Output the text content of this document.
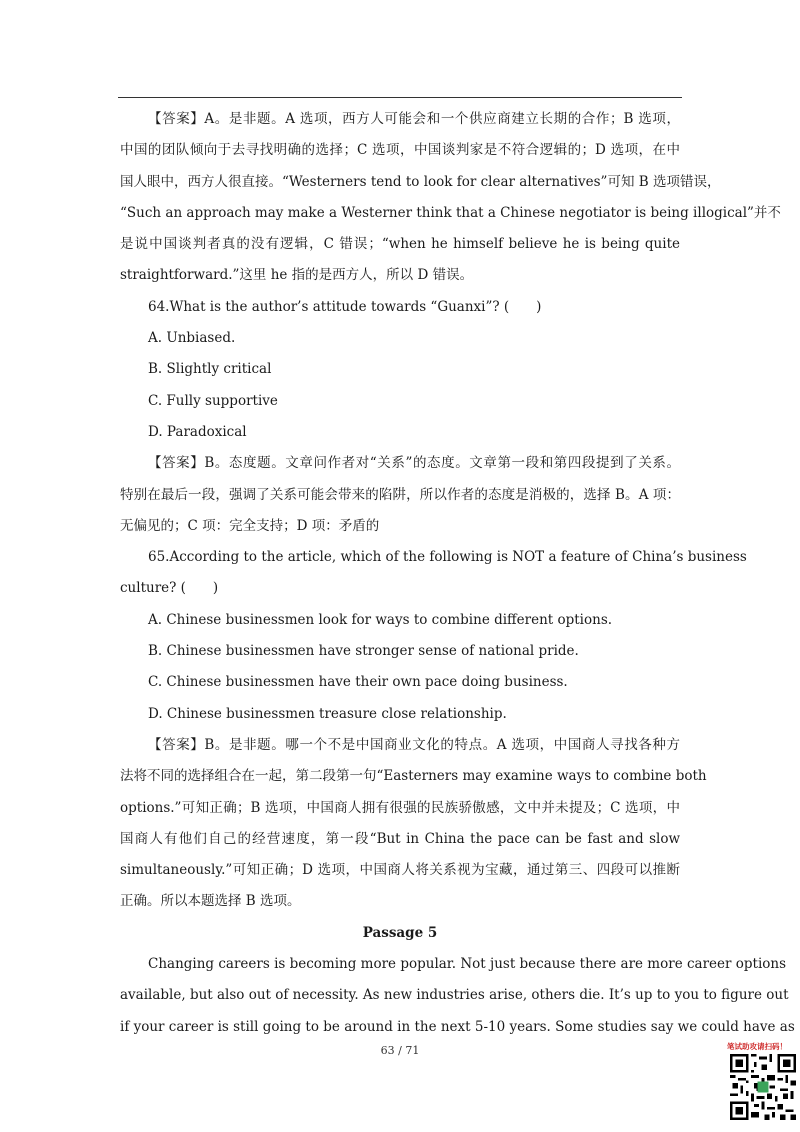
【答案】A。是非题。A 选项，西方人可能会和一个供应商建立长期的合作；B 选项，
中国的团队倾向于去寻找明确的选择；C 选项，中国谈判家是不符合逻辑的；D 选项，在中
国人眼中，西方人很直接。“Westerners tend to look for clear alternatives”可知 B 选项错误，
“Such an approach may make a Westerner think that a Chinese negotiator is being illogical”并不
是说中国谈判者真的没有逻辑，C 错误；“when he himself believe he is being quite
straightforward.”这里 he 指的是西方人，所以 D 错误。
64.What is the author’s attitude towards “Guanxi”? (　　)
A. Unbiased.
B. Slightly critical
C. Fully supportive
D. Paradoxical
【答案】B。态度题。文章问作者对“关系”的态度。文章第一段和第四段提到了关系。
特别在最后一段，强调了关系可能会带来的陷阱，所以作者的态度是消极的，选择 B。A 项：
无偏见的；C 项：完全支持；D 项：矛盾的
65.According to the article, which of the following is NOT a feature of China’s business
culture? (　　)
A. Chinese businessmen look for ways to combine different options.
B. Chinese businessmen have stronger sense of national pride.
C. Chinese businessmen have their own pace doing business.
D. Chinese businessmen treasure close relationship.
【答案】B。是非题。哪一个不是中国商业文化的特点。A 选项，中国商人寻找各种方
法将不同的选择组合在一起，第二段第一句“Easterners may examine ways to combine both
options.”可知正确；B 选项，中国商人拥有很强的民族骄傲感，文中并未提及；C 选项，中
国商人有他们自己的经营速度，第一段“But in China the pace can be fast and slow
simultaneously.”可知正确；D 选项，中国商人将关系视为宝藏，通过第三、四段可以推断
正确。所以本题选择 B 选项。
Passage 5
Changing careers is becoming more popular. Not just because there are more career options
available, but also out of necessity. As new industries arise, others die. It’s up to you to figure out
if your career is still going to be around in the next 5-10 years. Some studies say we could have as
63 / 71	笔试助攻请扫码！
